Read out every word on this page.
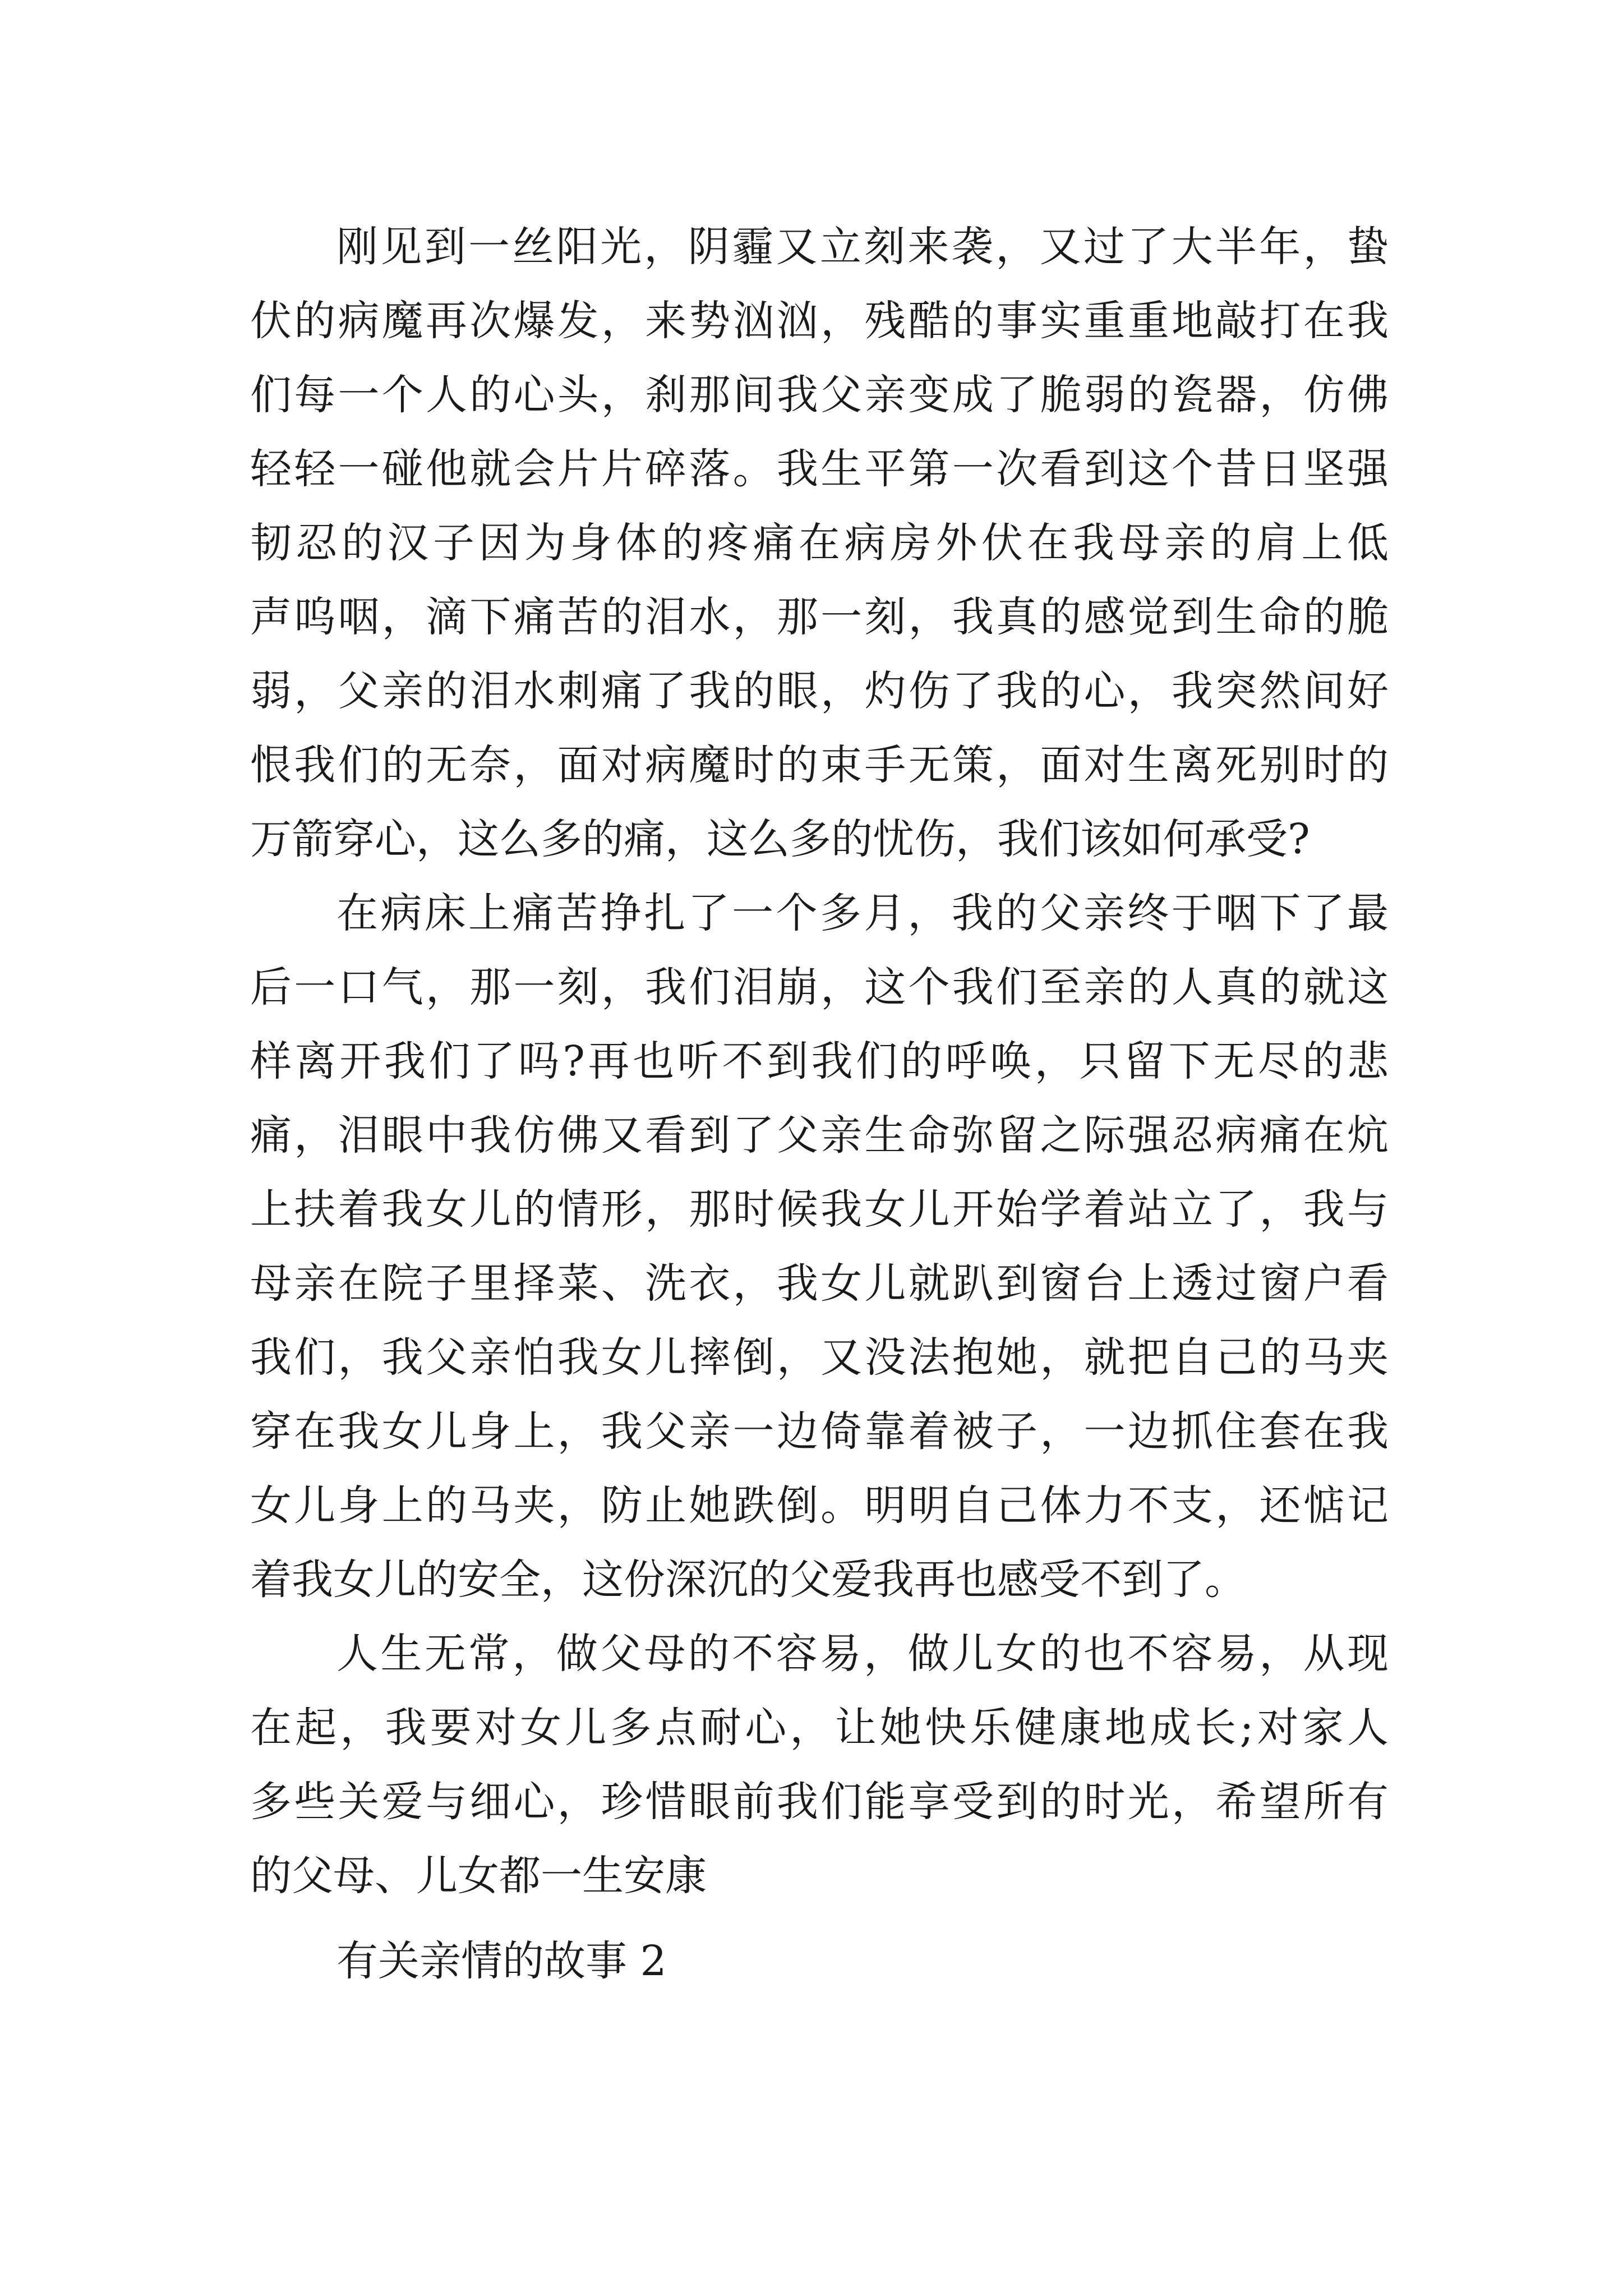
刚见到一丝阳光，阴霾又立刻来袭，又过了大半年，蛰
伏的病魔再次爆发，来势汹汹，残酷的事实重重地敲打在我
们每一个人的心头，刹那间我父亲变成了脆弱的瓷器，仿佛
轻轻一碰他就会片片碎落。我生平第一次看到这个昔日坚强
韧忍的汉子因为身体的疼痛在病房外伏在我母亲的肩上低
声呜咽，滴下痛苦的泪水，那一刻，我真的感觉到生命的脆
弱，父亲的泪水刺痛了我的眼，灼伤了我的心，我突然间好
恨我们的无奈，面对病魔时的束手无策，面对生离死别时的
万箭穿心，这么多的痛，这么多的忧伤，我们该如何承受?
在病床上痛苦挣扎了一个多月，我的父亲终于咽下了最
后一口气，那一刻，我们泪崩，这个我们至亲的人真的就这
样离开我们了吗?再也听不到我们的呼唤，只留下无尽的悲
痛，泪眼中我仿佛又看到了父亲生命弥留之际强忍病痛在炕
上扶着我女儿的情形，那时候我女儿开始学着站立了，我与
母亲在院子里择菜、洗衣，我女儿就趴到窗台上透过窗户看
我们，我父亲怕我女儿摔倒，又没法抱她，就把自己的马夹
穿在我女儿身上，我父亲一边倚靠着被子，一边抓住套在我
女儿身上的马夹，防止她跌倒。明明自己体力不支，还惦记
着我女儿的安全，这份深沉的父爱我再也感受不到了。
人生无常，做父母的不容易，做儿女的也不容易，从现
在起，我要对女儿多点耐心，让她快乐健康地成长;对家人
多些关爱与细心，珍惜眼前我们能享受到的时光，希望所有
的父母、儿女都一生安康
有关亲情的故事 2
